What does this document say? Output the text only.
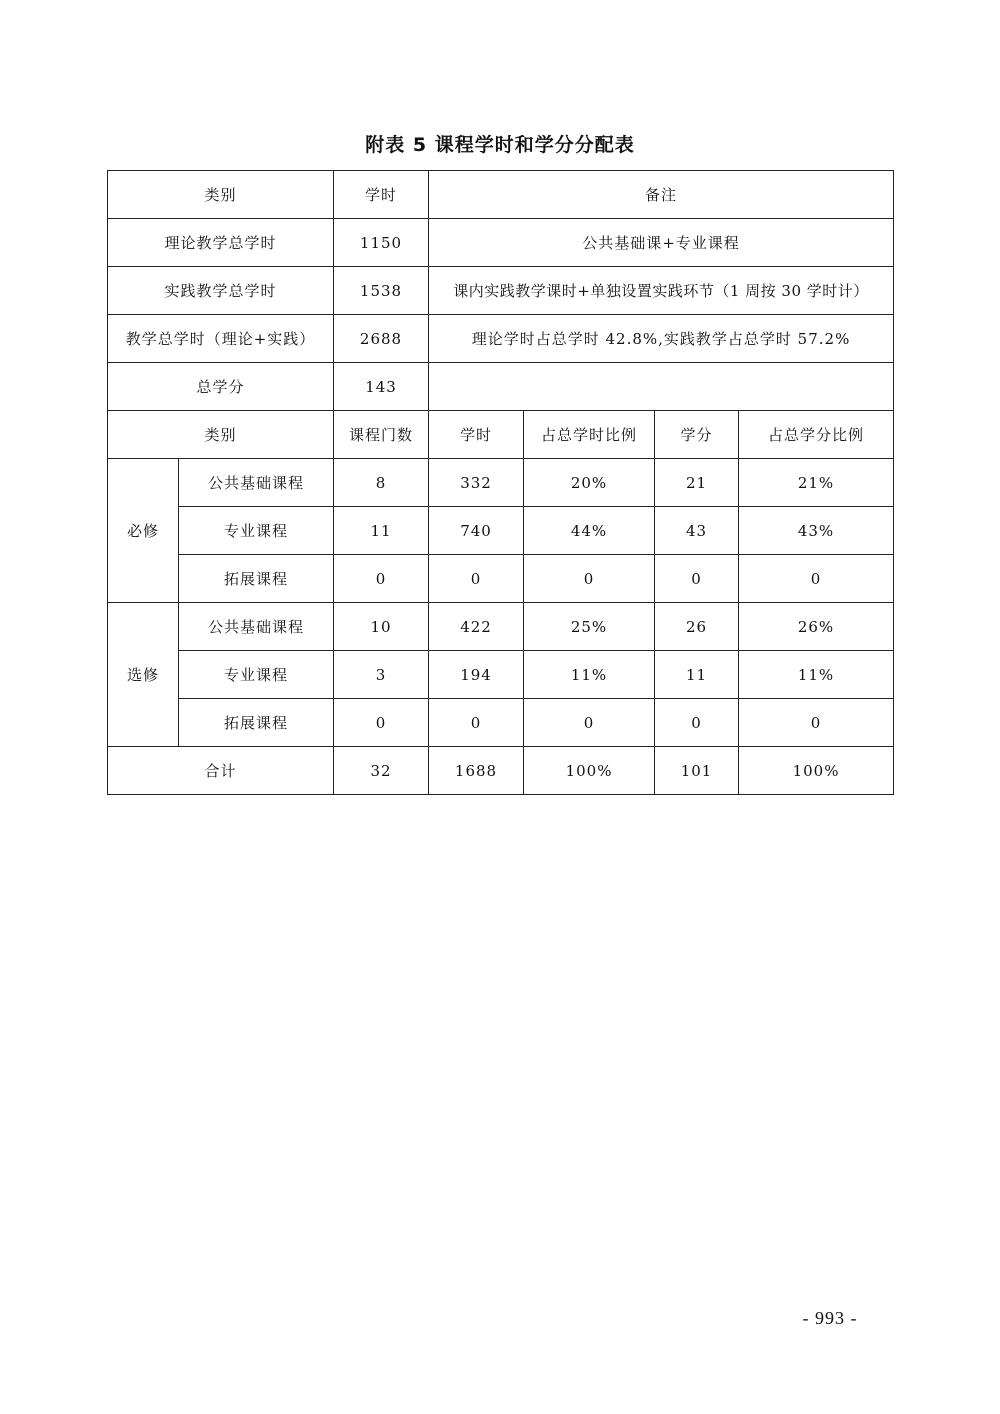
附表 5 课程学时和学分分配表
类别		学时	备注			
理论教学总学时		1150	公共基础课+专业课程			
实践教学总学时		1538	课内实践教学课时+单独设置实践环节（1 周按 30 学时计）			
教学总学时（理论+实践）		2688	理论学时占总学时 42.8%,实践教学占总学时 57.2%			
总学分		143				
类别		课程门数	学时	占总学时比例	学分	占总学分比例
必修	公共基础课程	8	332	20%	21	21%
	专业课程	11	740	44%	43	43%
	拓展课程	0	0	0	0	0
选修	公共基础课程	10	422	25%	26	26%
	专业课程	3	194	11%	11	11%
	拓展课程	0	0	0	0	0
合计		32	1688	100%	101	100%
- 993 -
